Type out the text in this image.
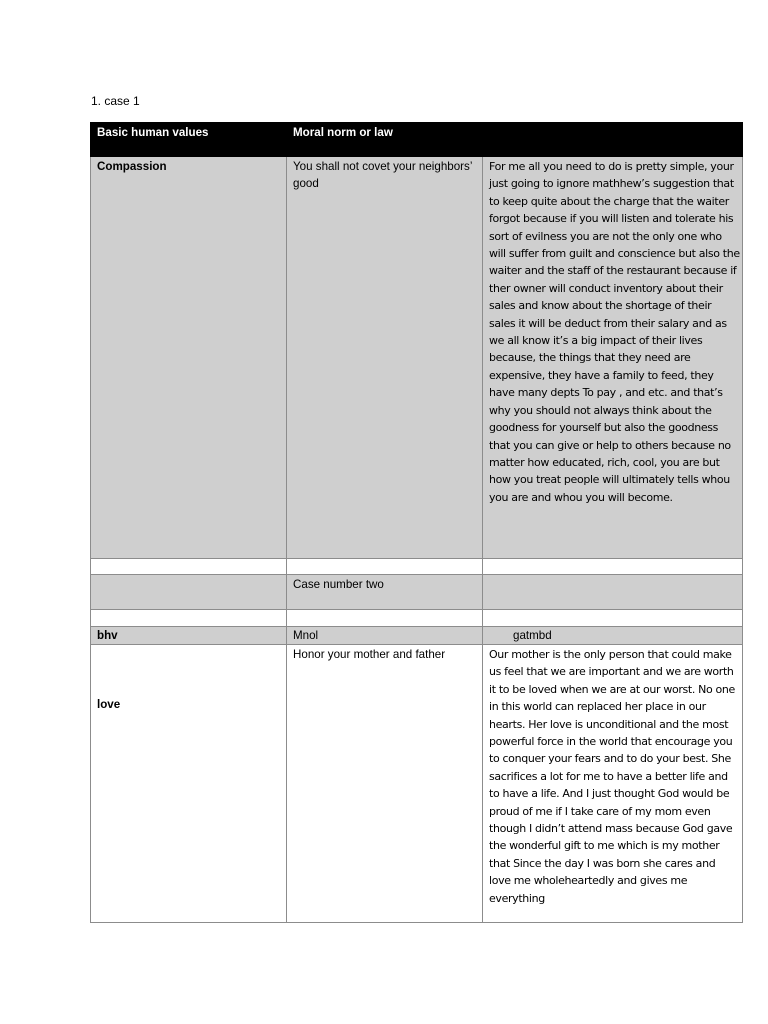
1. case 1
Basic human values	Moral norm or law	
Compassion	You shall not covet your neighbors’ good	For me all you need to do is pretty simple, your just going to ignore mathhew’s suggestion that to keep quite about the charge that the waiter forgot because if you will listen and tolerate his sort of evilness you are not the only one who will suffer from guilt and conscience but also the waiter and the staff of the restaurant because if ther owner will conduct inventory about their sales and know about the shortage of their sales it will be deduct from their salary and as we all know it’s a big impact of their lives because, the things that they need are expensive, they have a family to feed, they have many depts To pay , and etc. and that’s why you should not always think about the goodness for yourself but also the goodness that you can give or help to others because no matter how educated, rich, cool, you are but how you treat people will ultimately tells whou you are and whou you will become.

	Case number two	

bhv	Mnol	gatmbd

love	Honor your mother and father	Our mother is the only person that could make us feel that we are important and we are worth it to be loved when we are at our worst. No one in this world can replaced her place in our hearts. Her love is unconditional and the most powerful force in the world that encourage you to conquer your fears and to do your best. She sacrifices a lot for me to have a better life and to have a life. And I just thought God would be proud of me if I take care of my mom even though I didn’t attend mass because God gave the wonderful gift to me which is my mother that Since the day I was born she cares and love me wholeheartedly and gives me everything
